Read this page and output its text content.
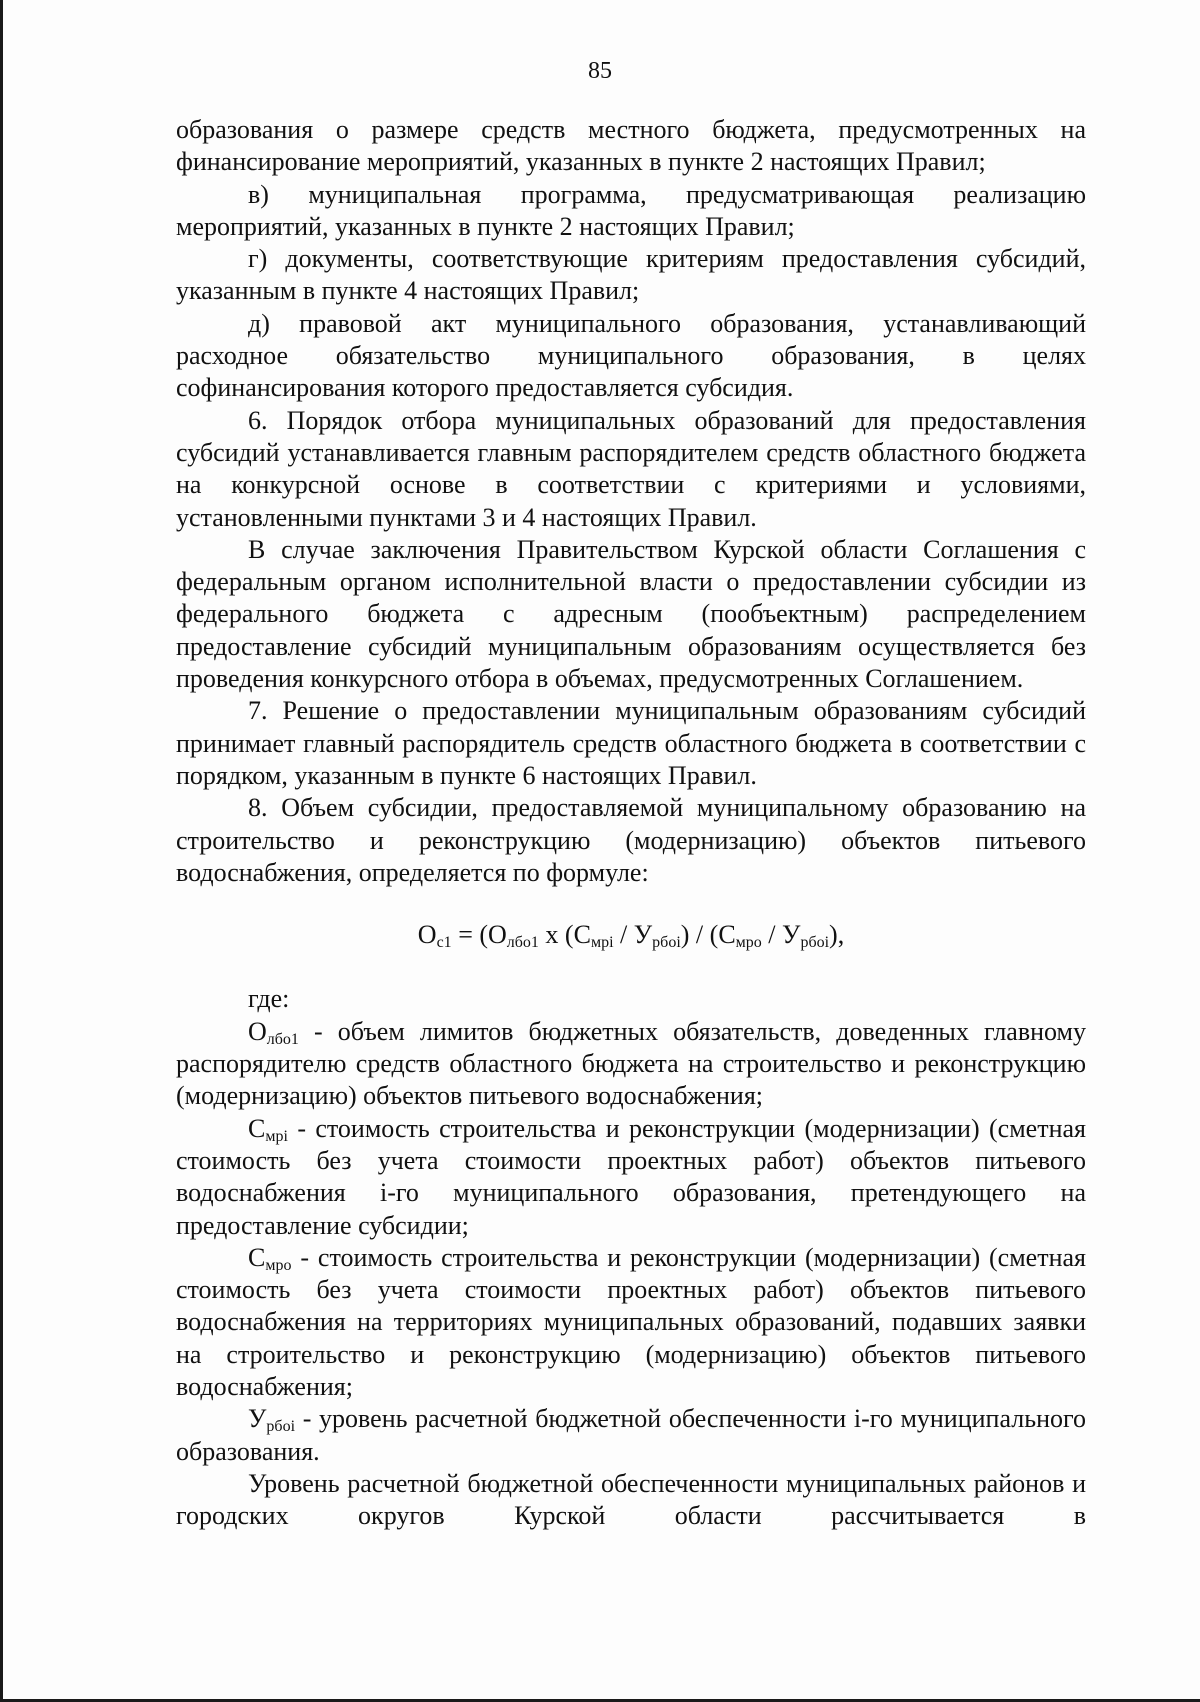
85

образования о размере средств местного бюджета, предусмотренных на финансирование мероприятий, указанных в пункте 2 настоящих Правил;

в) муниципальная программа, предусматривающая реализацию мероприятий, указанных в пункте 2 настоящих Правил;

г) документы, соответствующие критериям предоставления субсидий, указанным в пункте 4 настоящих Правил;

д) правовой акт муниципального образования, устанавливающий расходное обязательство муниципального образования, в целях софинансирования которого предоставляется субсидия.

6. Порядок отбора муниципальных образований для предоставления субсидий устанавливается главным распорядителем средств областного бюджета на конкурсной основе в соответствии с критериями и условиями, установленными пунктами 3 и 4 настоящих Правил.

В случае заключения Правительством Курской области Соглашения с федеральным органом исполнительной власти о предоставлении субсидии из федерального бюджета с адресным (пообъектным) распределением предоставление субсидий муниципальным образованиям осуществляется без проведения конкурсного отбора в объемах, предусмотренных Соглашением.

7. Решение о предоставлении муниципальным образованиям субсидий принимает главный распорядитель средств областного бюджета в соответствии с порядком, указанным в пункте 6 настоящих Правил.

8. Объем субсидии, предоставляемой муниципальному образованию на строительство и реконструкцию (модернизацию) объектов питьевого водоснабжения, определяется по формуле:

$О_{с1} = (О_{лбо1}$ х $(С_{мрi} / У_{рбоi}) / (С_{мро} / У_{рбоi})$,

где:

$О_{лбо1}$ - объем лимитов бюджетных обязательств, доведенных главному распорядителю средств областного бюджета на строительство и реконструкцию (модернизацию) объектов питьевого водоснабжения;

$С_{мрi}$ - стоимость строительства и реконструкции (модернизации) (сметная стоимость без учета стоимости проектных работ) объектов питьевого водоснабжения i-го муниципального образования, претендующего на предоставление субсидии;

$С_{мро}$ - стоимость строительства и реконструкции (модернизации) (сметная стоимость без учета стоимости проектных работ) объектов питьевого водоснабжения на территориях муниципальных образований, подавших заявки на строительство и реконструкцию (модернизацию) объектов питьевого водоснабжения;

$У_{рбоi}$ - уровень расчетной бюджетной обеспеченности i-го муниципального образования.

Уровень расчетной бюджетной обеспеченности муниципальных районов и городских округов Курской области рассчитывается в
